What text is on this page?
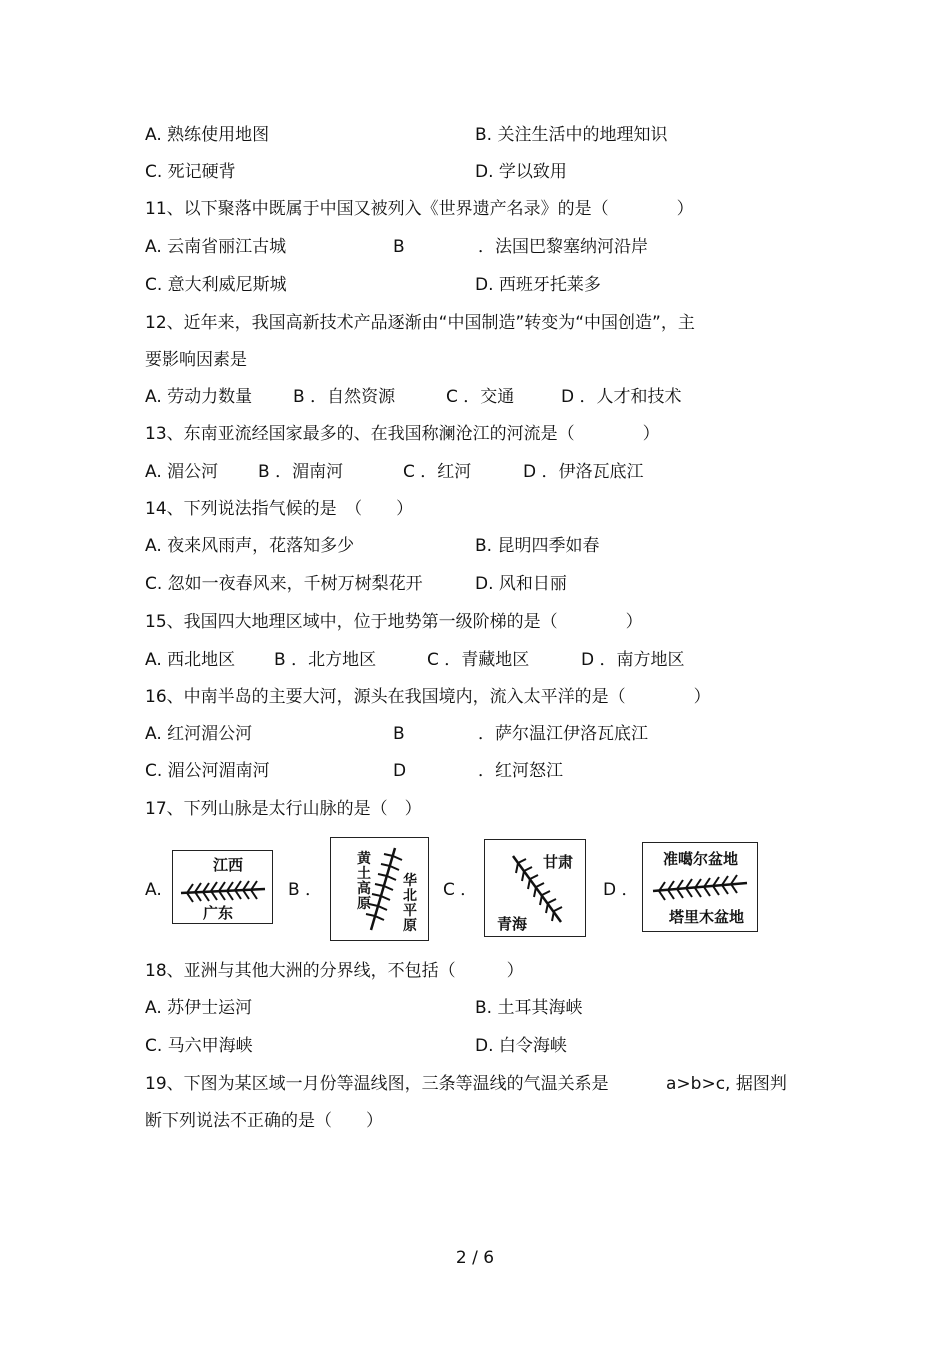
A. 熟练使用地图	B. 关注生活中的地理知识
C. 死记硬背	D. 学以致用
11、以下聚落中既属于中国又被列入《世界遗产名录》的是（　　　　）
A. 云南省丽江古城	B	．法国巴黎塞纳河沿岸
C. 意大利威尼斯城	D. 西班牙托莱多
12、近年来，我国高新技术产品逐渐由“中国制造”转变为“中国创造”，主
要影响因素是
A. 劳动力数量 B ．自然资源	C ．交通	D ．人才和技术
13、东南亚流经国家最多的、在我国称澜沧江的河流是（　　　　）
A. 湄公河 B ．湄南河	C ．红河	D ．伊洛瓦底江
14、下列说法指气候的是　（　　）
A. 夜来风雨声，花落知多少	B. 昆明四季如春
C. 忽如一夜春风来，千树万树梨花开	D. 风和日丽
15、我国四大地理区域中，位于地势第一级阶梯的是（　　　　）
A. 西北地区 B ．北方地区	C ．青藏地区	D ．南方地区
16、中南半岛的主要大河，源头在我国境内，流入太平洋的是（　　　　）
A. 红河湄公河	B	．萨尔温江伊洛瓦底江
C. 湄公河湄南河	D	．红河怒江
17、下列山脉是太行山脉的是（　）
A.
江西
广东
B ．
黄土高原
华北平原
C ．
甘肃
青海
D ．
准噶尔盆地
塔里木盆地
18、亚洲与其他大洲的分界线，不包括（　　　）
A. 苏伊士运河	B. 土耳其海峡
C. 马六甲海峡	D. 白令海峡
19、下图为某区域一月份等温线图，三条等温线的气温关系是	a>b>c, 据图判
断下列说法不正确的是（　　）
2 / 6
